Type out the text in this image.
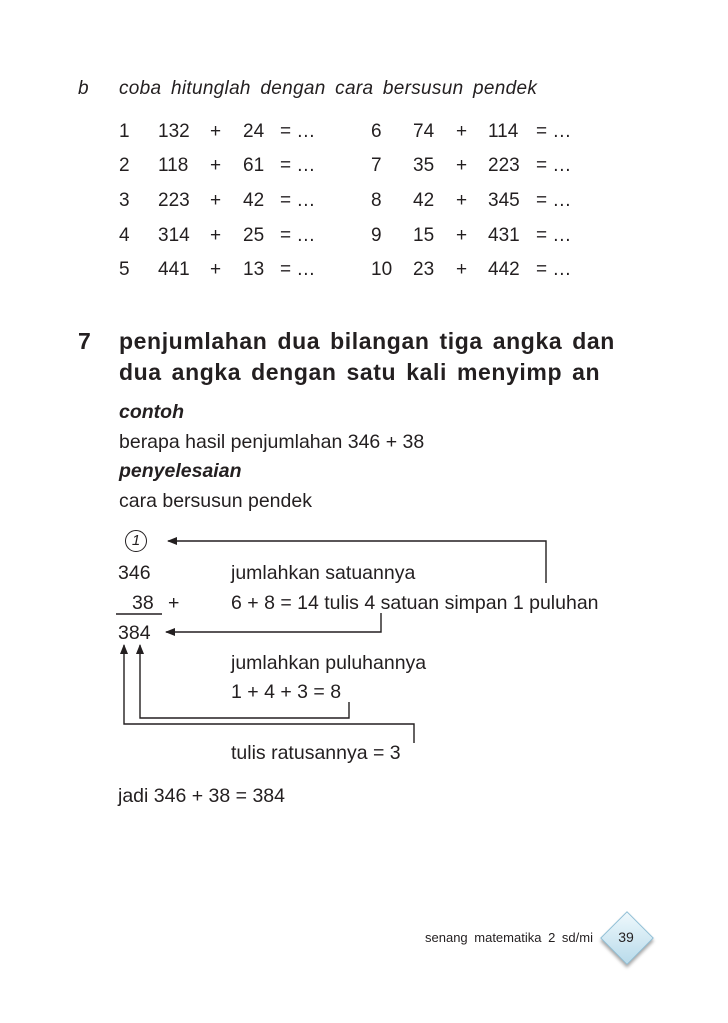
b coba hitunglah dengan cara bersusun pendek
1 132 + 24 = …
2 118 + 61 = …
3 223 + 42 = …
4 314 + 25 = …
5 441 + 13 = …
6 74 + 114 = …
7 35 + 223 = …
8 42 + 345 = …
9 15 + 431 = …
10 23 + 442 = …
7 penjumlahan dua bilangan tiga angka dan
dua angka dengan satu kali menyimp an
contoh
berapa hasil penjumlahan 346 + 38
penyelesaian
cara bersusun pendek
1
346
38 +
384
jumlahkan satuannya
6 + 8 = 14 tulis 4 satuan simpan 1 puluhan
jumlahkan puluhannya
1 + 4 + 3 = 8
tulis ratusannya = 3
jadi 346 + 38 = 384
senang matematika 2 sd/mi	39
